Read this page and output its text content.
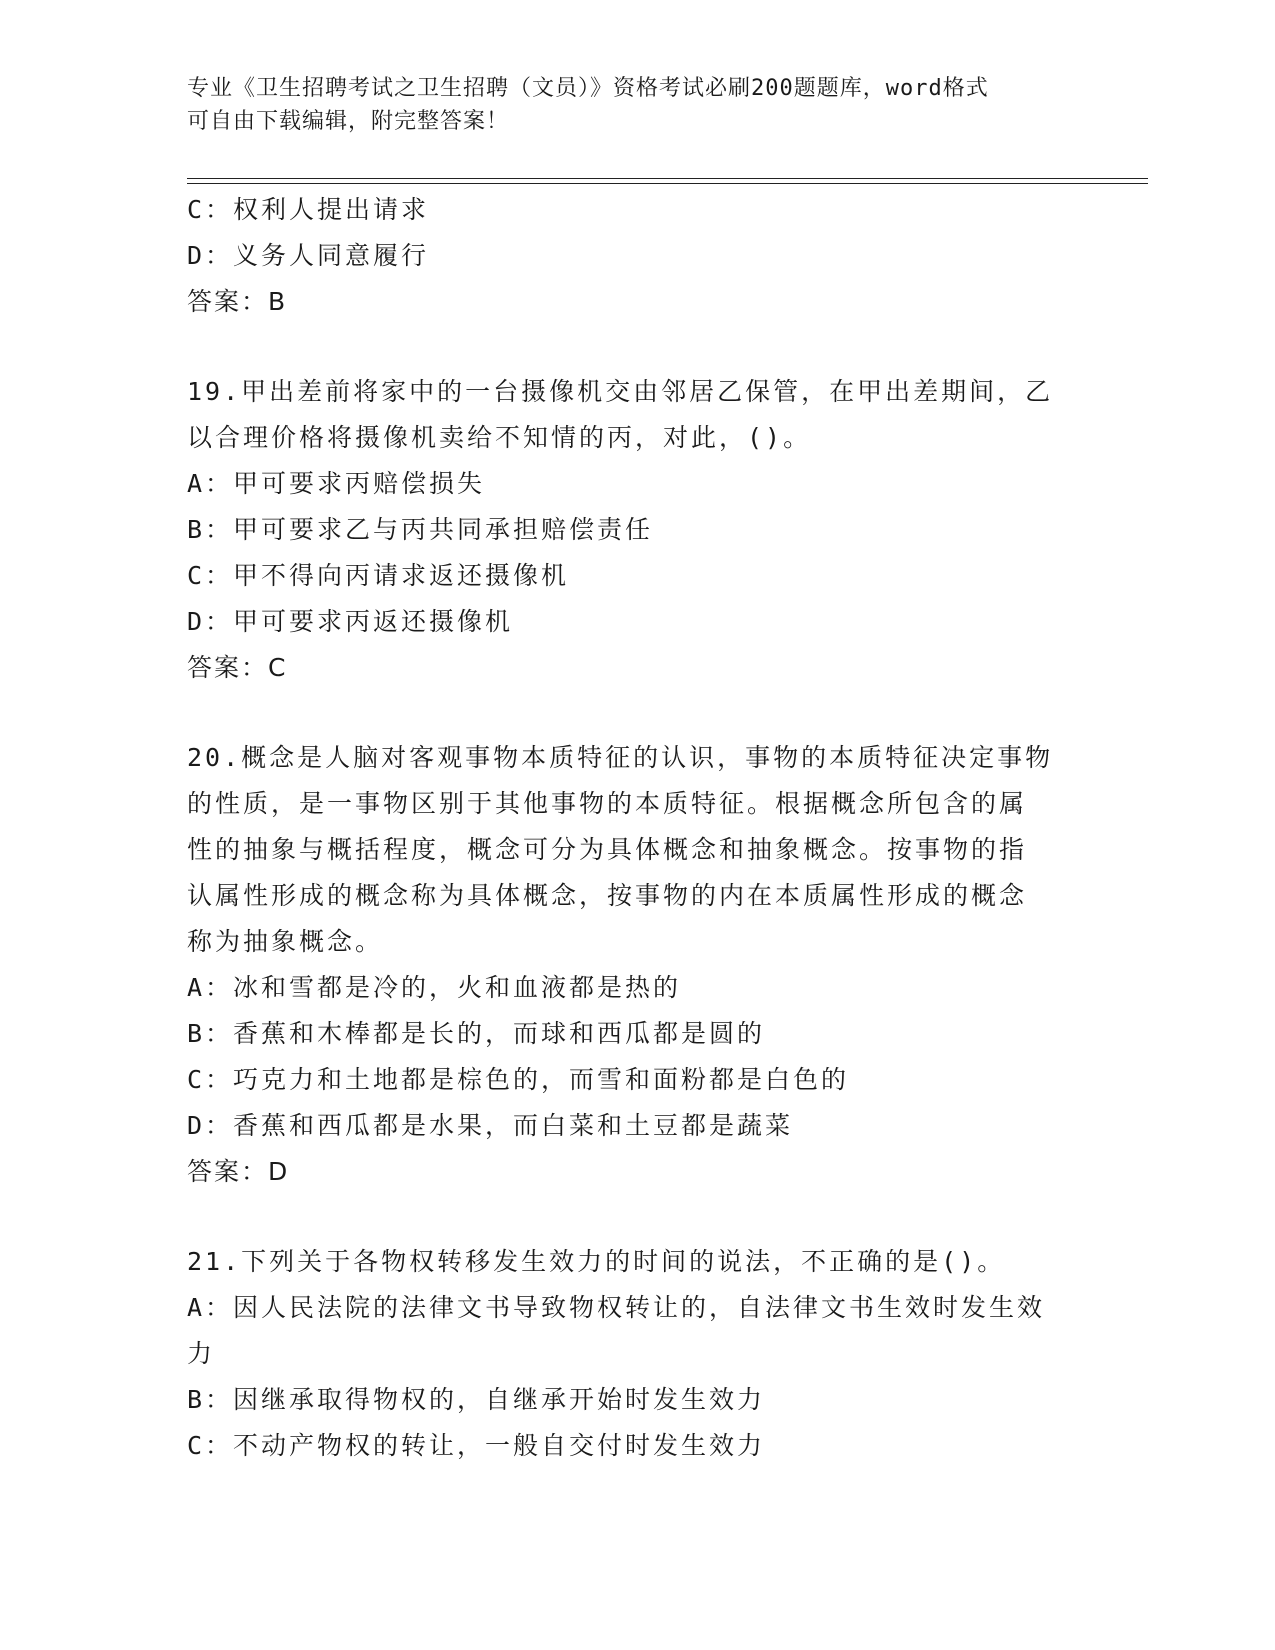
专业《卫生招聘考试之卫生招聘（文员）》资格考试必刷200题题库，word格式
可自由下载编辑，附完整答案！
C：权利人提出请求
D：义务人同意履行
答案：B
19.甲出差前将家中的一台摄像机交由邻居乙保管，在甲出差期间，乙
以合理价格将摄像机卖给不知情的丙，对此，()。
A：甲可要求丙赔偿损失
B：甲可要求乙与丙共同承担赔偿责任
C：甲不得向丙请求返还摄像机
D：甲可要求丙返还摄像机
答案：C
20.概念是人脑对客观事物本质特征的认识，事物的本质特征决定事物
的性质，是一事物区别于其他事物的本质特征。根据概念所包含的属
性的抽象与概括程度，概念可分为具体概念和抽象概念。按事物的指
认属性形成的概念称为具体概念，按事物的内在本质属性形成的概念
称为抽象概念。
A：冰和雪都是冷的，火和血液都是热的
B：香蕉和木棒都是长的，而球和西瓜都是圆的
C：巧克力和土地都是棕色的，而雪和面粉都是白色的
D：香蕉和西瓜都是水果，而白菜和土豆都是蔬菜
答案：D
21.下列关于各物权转移发生效力的时间的说法，不正确的是()。
A：因人民法院的法律文书导致物权转让的，自法律文书生效时发生效
力
B：因继承取得物权的，自继承开始时发生效力
C：不动产物权的转让，一般自交付时发生效力
